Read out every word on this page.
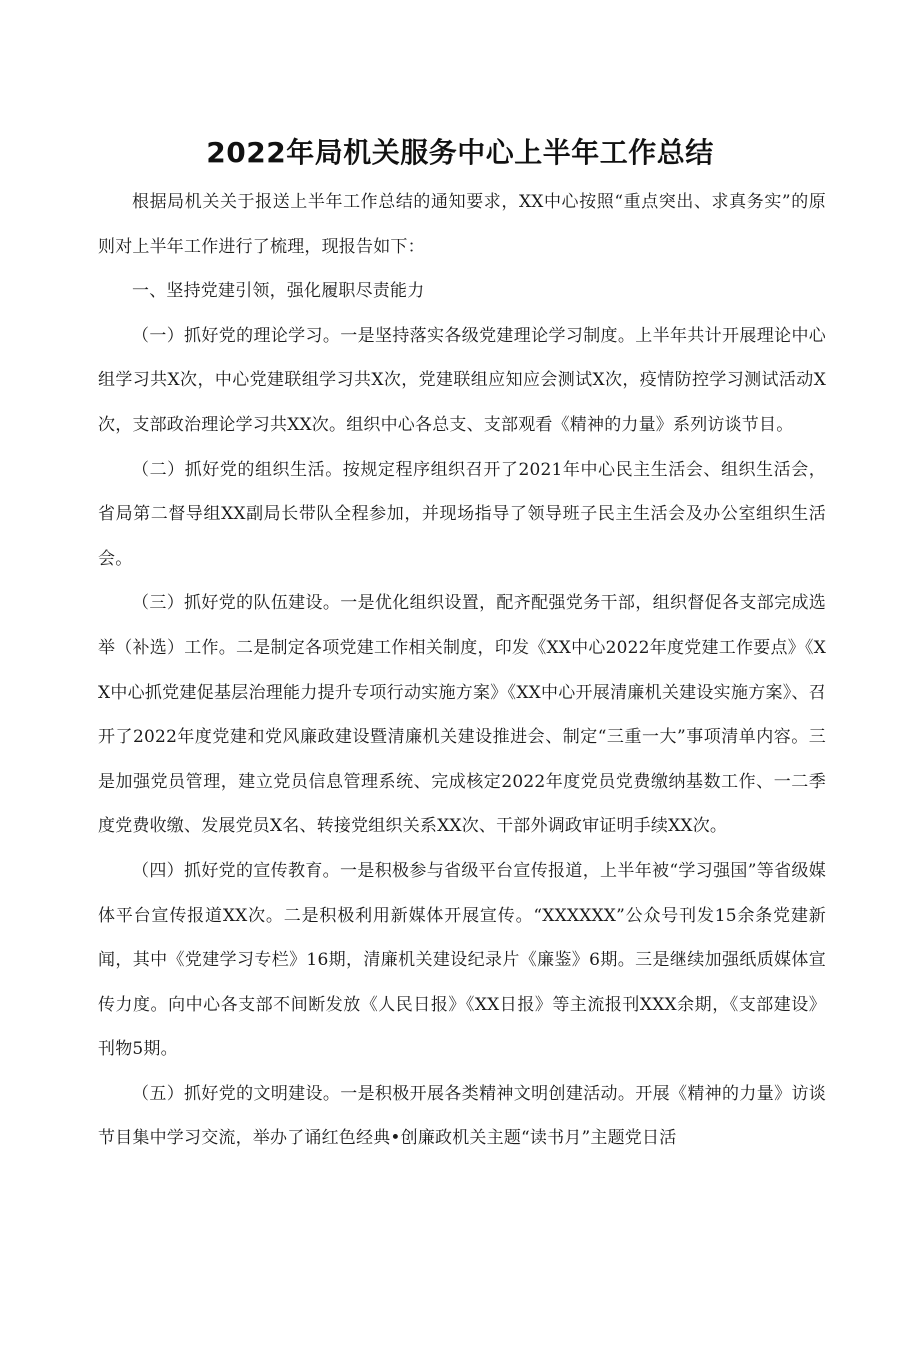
2022年局机关服务中心上半年工作总结

根据局机关关于报送上半年工作总结的通知要求，XX中心按照“重点突出、求真务实”的原则对上半年工作进行了梳理，现报告如下：

一、坚持党建引领，强化履职尽责能力

（一）抓好党的理论学习。一是坚持落实各级党建理论学习制度。上半年共计开展理论中心组学习共X次，中心党建联组学习共X次，党建联组应知应会测试X次，疫情防控学习测试活动X次，支部政治理论学习共XX次。组织中心各总支、支部观看《精神的力量》系列访谈节目。

（二）抓好党的组织生活。按规定程序组织召开了2021年中心民主生活会、组织生活会，省局第二督导组XX副局长带队全程参加，并现场指导了领导班子民主生活会及办公室组织生活会。

（三）抓好党的队伍建设。一是优化组织设置，配齐配强党务干部，组织督促各支部完成选举（补选）工作。二是制定各项党建工作相关制度，印发《XX中心2022年度党建工作要点》《XX中心抓党建促基层治理能力提升专项行动实施方案》《XX中心开展清廉机关建设实施方案》、召开了2022年度党建和党风廉政建设暨清廉机关建设推进会、制定“三重一大”事项清单内容。三是加强党员管理，建立党员信息管理系统、完成核定2022年度党员党费缴纳基数工作、一二季度党费收缴、发展党员X名、转接党组织关系XX次、干部外调政审证明手续XX次。

（四）抓好党的宣传教育。一是积极参与省级平台宣传报道，上半年被“学习强国”等省级媒体平台宣传报道XX次。二是积极利用新媒体开展宣传。“XXXXXX”公众号刊发15余条党建新闻，其中《党建学习专栏》16期，清廉机关建设纪录片《廉鉴》6期。三是继续加强纸质媒体宣传力度。向中心各支部不间断发放《人民日报》《XX日报》等主流报刊XXX余期，《支部建设》刊物5期。

（五）抓好党的文明建设。一是积极开展各类精神文明创建活动。开展《精神的力量》访谈节目集中学习交流，举办了诵红色经典•创廉政机关主题“读书月”主题党日活
